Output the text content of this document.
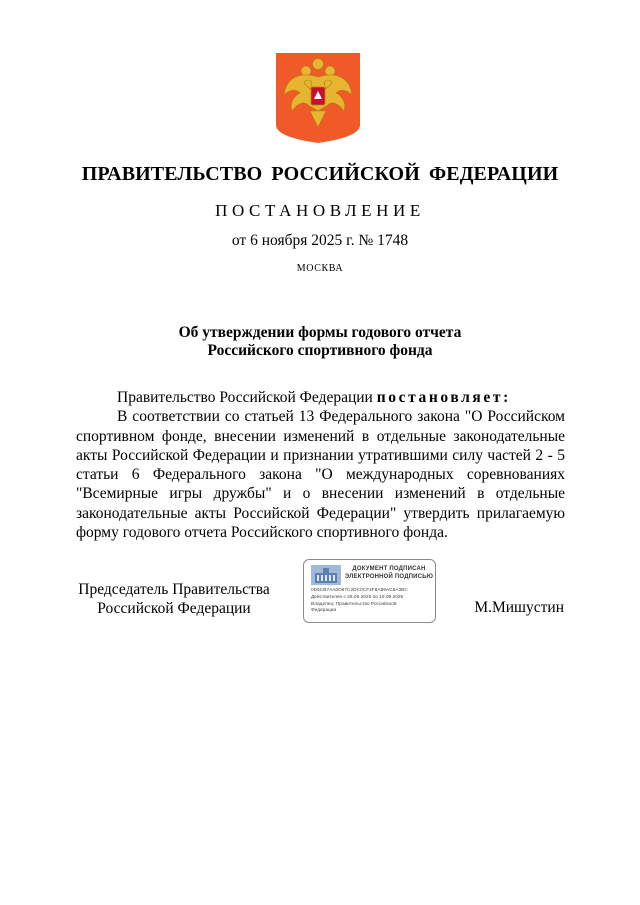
ПРАВИТЕЛЬСТВО РОССИЙСКОЙ ФЕДЕРАЦИИ
ПОСТАНОВЛЕНИЕ
от 6 ноября 2025 г. № 1748
МОСКВА
Об утверждении формы годового отчета
Российского спортивного фонда

Правительство Российской Федерации постановляет:

В соответствии со статьей 13 Федерального закона "О Российском спортивном фонде, внесении изменений в отдельные законодательные акты Российской Федерации и признании утратившими силу частей 2 - 5 статьи 6 Федерального закона "О международных соревнованиях "Всемирные игры дружбы" и о внесении изменений в отдельные законодательные акты Российской Федерации" утвердить прилагаемую форму годового отчета Российского спортивного фонда.

Председатель Правительства
Российской Федерации
ДОКУМЕНТ ПОДПИСАН
ЭЛЕКТРОННОЙ ПОДПИСЬЮ
0D6CB7AA0D97C2DC0CF4F8A69AC8A3BC
Действителен с 26.06.2025 по 19.09.2026
Владелец: Правительство Российской
Федерации	М.Мишустин
